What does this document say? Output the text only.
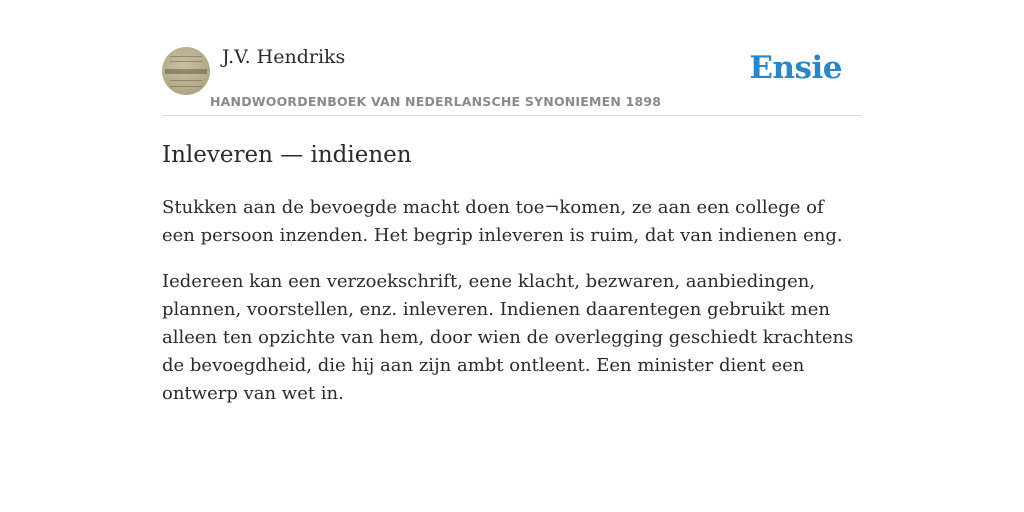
J.V. Hendriks
HANDWOORDENBOEK VAN NEDERLANSCHE SYNONIEMEN 1898
Ensie
Inleveren — indienen

Stukken aan de bevoegde macht doen toe¬komen, ze aan een college of een persoon inzenden. Het begrip inleveren is ruim, dat van indienen eng.

Iedereen kan een verzoekschrift, eene klacht, bezwaren, aanbiedingen, plannen, voorstellen, enz. inleveren. Indienen daarentegen gebruikt men alleen ten opzichte van hem, door wien de overlegging geschiedt krachtens de bevoegdheid, die hij aan zijn ambt ontleent. Een minister dient een ontwerp van wet in.
